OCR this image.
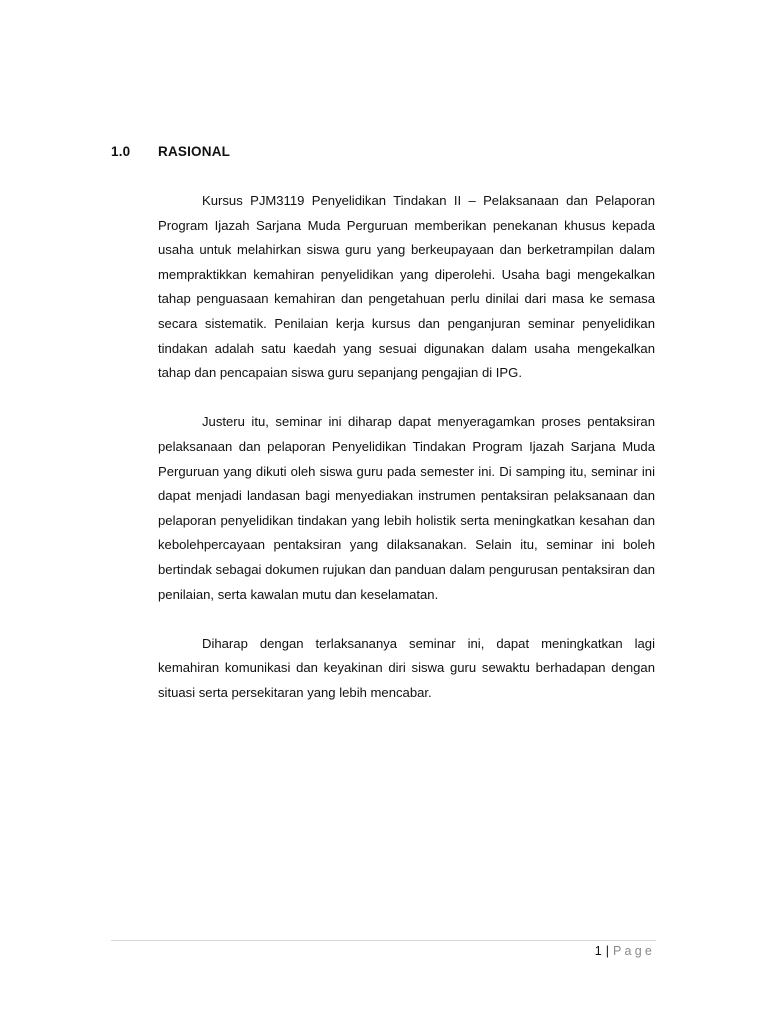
1.0	RASIONAL

Kursus PJM3119 Penyelidikan Tindakan II – Pelaksanaan dan Pelaporan Program Ijazah Sarjana Muda Perguruan memberikan penekanan khusus kepada usaha untuk melahirkan siswa guru yang berkeupayaan dan berketrampilan dalam mempraktikkan kemahiran penyelidikan yang diperolehi. Usaha bagi mengekalkan tahap penguasaan kemahiran dan pengetahuan perlu dinilai dari masa ke semasa secara sistematik. Penilaian kerja kursus dan penganjuran seminar penyelidikan tindakan adalah satu kaedah yang sesuai digunakan dalam usaha mengekalkan tahap dan pencapaian siswa guru sepanjang pengajian di IPG.

Justeru itu, seminar ini diharap dapat menyeragamkan proses pentaksiran pelaksanaan dan pelaporan Penyelidikan Tindakan Program Ijazah Sarjana Muda Perguruan yang dikuti oleh siswa guru pada semester ini. Di samping itu, seminar ini dapat menjadi landasan bagi menyediakan instrumen pentaksiran pelaksanaan dan pelaporan penyelidikan tindakan yang lebih holistik serta meningkatkan kesahan dan kebolehpercayaan pentaksiran yang dilaksanakan. Selain itu, seminar ini boleh bertindak sebagai dokumen rujukan dan panduan dalam pengurusan pentaksiran dan penilaian, serta kawalan mutu dan keselamatan.

Diharap dengan terlaksananya seminar ini, dapat meningkatkan lagi kemahiran komunikasi dan keyakinan diri siswa guru sewaktu berhadapan dengan situasi serta persekitaran yang lebih mencabar.

1 | Page
